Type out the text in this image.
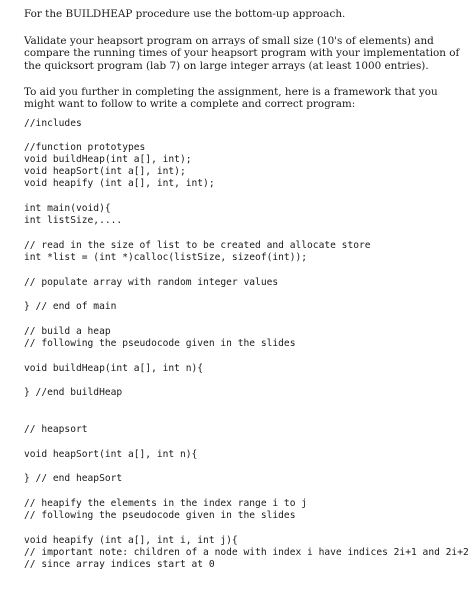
For the BUILDHEAP procedure use the bottom-up approach.

Validate your heapsort program on arrays of small size (10's of elements) and compare the running times of your heapsort program with your implementation of the quicksort program (lab 7) on large integer arrays (at least 1000 entries).

To aid you further in completing the assignment, here is a framework that you might want to follow to write a complete and correct program:

//includes
//function prototypes
void buildHeap(int a[], int);
void heapSort(int a[], int);
void heapify (int a[], int, int);
int main(void){
int listSize,....
// read in the size of list to be created and allocate store
int *list = (int *)calloc(listSize, sizeof(int));
// populate array with random integer values
} // end of main
// build a heap
// following the pseudocode given in the slides
void buildHeap(int a[], int n){
} //end buildHeap
// heapsort
void heapSort(int a[], int n){
} // end heapSort
// heapify the elements in the index range i to j
// following the pseudocode given in the slides
void heapify (int a[], int i, int j){
// important note: children of a node with index i have indices 2i+1 and 2i+2
// since array indices start at 0
